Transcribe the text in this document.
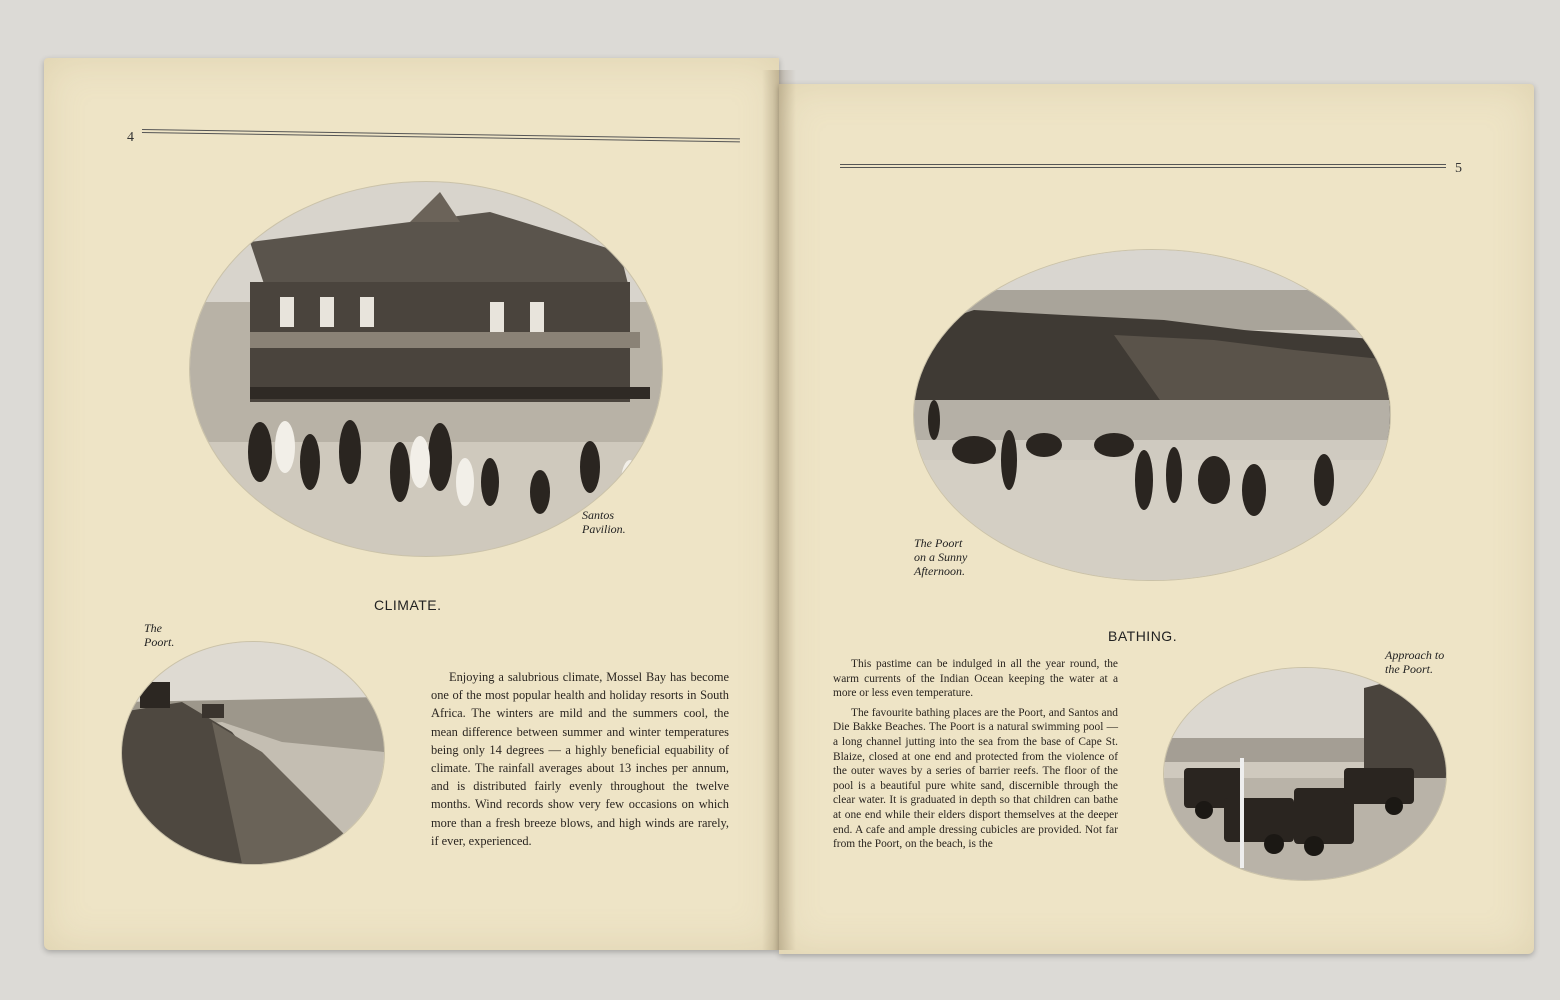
4
Santos
Pavilion.
CLIMATE.
The
Poort.

Enjoying a salubrious climate, Mossel Bay has become one of the most popular health and holiday resorts in South Africa. The winters are mild and the summers cool, the mean difference between summer and winter temperatures being only 14 degrees — a highly beneficial equability of climate. The rainfall averages about 13 inches per annum, and is distributed fairly evenly throughout the twelve months. Wind records show very few occasions on which more than a fresh breeze blows, and high winds are rarely, if ever, experienced.

5
The Poort
on a Sunny
Afternoon.
BATHING.

This pastime can be indulged in all the year round, the warm currents of the Indian Ocean keeping the water at a more or less even temperature.

The favourite bathing places are the Poort, and Santos and Die Bakke Beaches. The Poort is a natural swimming pool — a long channel jutting into the sea from the base of Cape St. Blaize, closed at one end and protected from the violence of the outer waves by a series of barrier reefs. The floor of the pool is a beautiful pure white sand, discernible through the clear water. It is graduated in depth so that children can bathe at one end while their elders disport themselves at the deeper end. A cafe and ample dressing cubicles are provided. Not far from the Poort, on the beach, is the

Approach to
the Poort.
